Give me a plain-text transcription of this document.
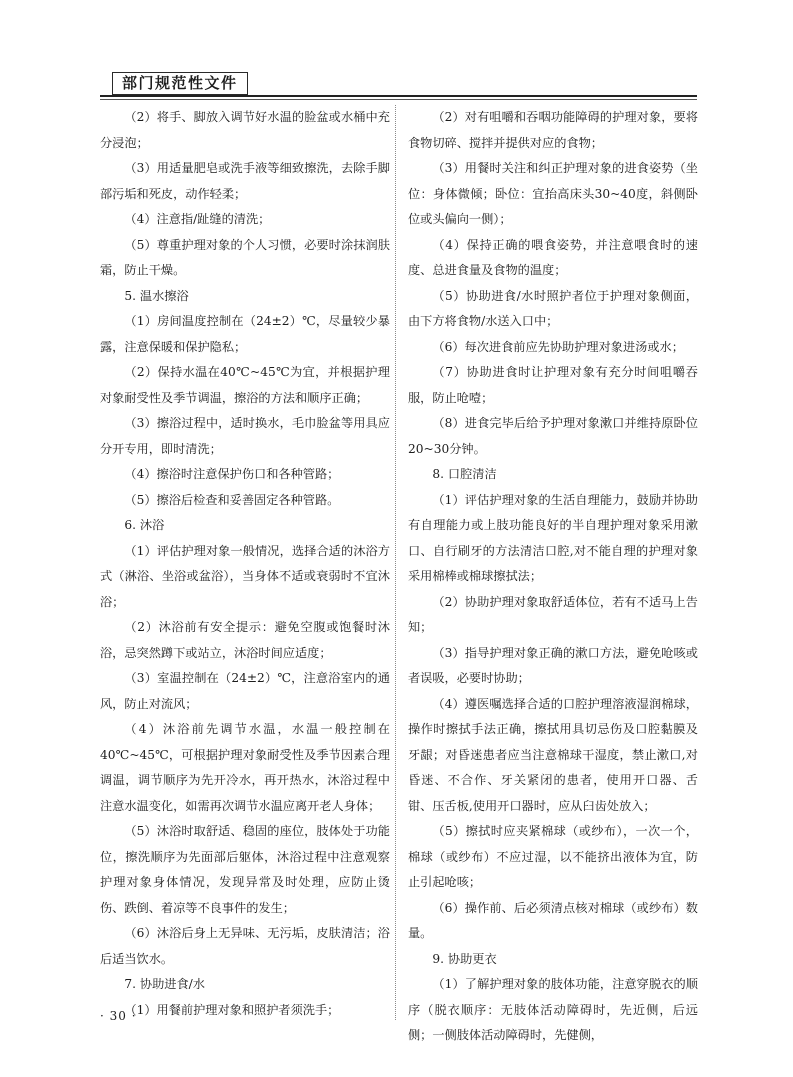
部门规范性文件

（2）将手、脚放入调节好水温的脸盆或水桶中充分浸泡；

（3）用适量肥皂或洗手液等细致擦洗，去除手脚部污垢和死皮，动作轻柔；

（4）注意指/趾缝的清洗；

（5）尊重护理对象的个人习惯，必要时涂抹润肤霜，防止干燥。

5. 温水擦浴

（1）房间温度控制在（24±2）℃，尽量较少暴露，注意保暖和保护隐私；

（2）保持水温在40℃~45℃为宜，并根据护理对象耐受性及季节调温，擦浴的方法和顺序正确；

（3）擦浴过程中，适时换水，毛巾脸盆等用具应分开专用，即时清洗；

（4）擦浴时注意保护伤口和各种管路；

（5）擦浴后检查和妥善固定各种管路。

6. 沐浴

（1）评估护理对象一般情况，选择合适的沐浴方式（淋浴、坐浴或盆浴），当身体不适或衰弱时不宜沐浴；

（2）沐浴前有安全提示：避免空腹或饱餐时沐浴，忌突然蹲下或站立，沐浴时间应适度；

（3）室温控制在（24±2）℃，注意浴室内的通风，防止对流风；

（4）沐浴前先调节水温，水温一般控制在40℃~45℃，可根据护理对象耐受性及季节因素合理调温，调节顺序为先开冷水，再开热水，沐浴过程中注意水温变化，如需再次调节水温应离开老人身体；

（5）沐浴时取舒适、稳固的座位，肢体处于功能位，擦洗顺序为先面部后躯体，沐浴过程中注意观察护理对象身体情况，发现异常及时处理，应防止烫伤、跌倒、着凉等不良事件的发生；

（6）沐浴后身上无异味、无污垢，皮肤清洁；浴后适当饮水。

7. 协助进食/水

（1）用餐前护理对象和照护者须洗手；

（2）对有咀嚼和吞咽功能障碍的护理对象，要将食物切碎、搅拌并提供对应的食物；

（3）用餐时关注和纠正护理对象的进食姿势（坐位：身体微倾；卧位：宜抬高床头30~40度，斜侧卧位或头偏向一侧）；

（4）保持正确的喂食姿势，并注意喂食时的速度、总进食量及食物的温度；

（5）协助进食/水时照护者位于护理对象侧面，由下方将食物/水送入口中；

（6）每次进食前应先协助护理对象进汤或水；

（7）协助进食时让护理对象有充分时间咀嚼吞服，防止呛噎；

（8）进食完毕后给予护理对象漱口并维持原卧位20~30分钟。

8. 口腔清洁

（1）评估护理对象的生活自理能力，鼓励并协助有自理能力或上肢功能良好的半自理护理对象采用漱口、自行刷牙的方法清洁口腔,对不能自理的护理对象采用棉棒或棉球擦拭法；

（2）协助护理对象取舒适体位，若有不适马上告知；

（3）指导护理对象正确的漱口方法，避免呛咳或者误吸，必要时协助；

（4）遵医嘱选择合适的口腔护理溶液湿润棉球，操作时擦拭手法正确，擦拭用具切忌伤及口腔黏膜及牙龈；对昏迷患者应当注意棉球干湿度，禁止漱口,对昏迷、不合作、牙关紧闭的患者，使用开口器、舌钳、压舌板,使用开口器时，应从臼齿处放入；

（5）擦拭时应夹紧棉球（或纱布），一次一个，棉球（或纱布）不应过湿，以不能挤出液体为宜，防止引起呛咳；

（6）操作前、后必须清点核对棉球（或纱布）数量。

9. 协助更衣

（1）了解护理对象的肢体功能，注意穿脱衣的顺序（脱衣顺序：无肢体活动障碍时，先近侧，后远侧；一侧肢体活动障碍时，先健侧，

· 30 ·
